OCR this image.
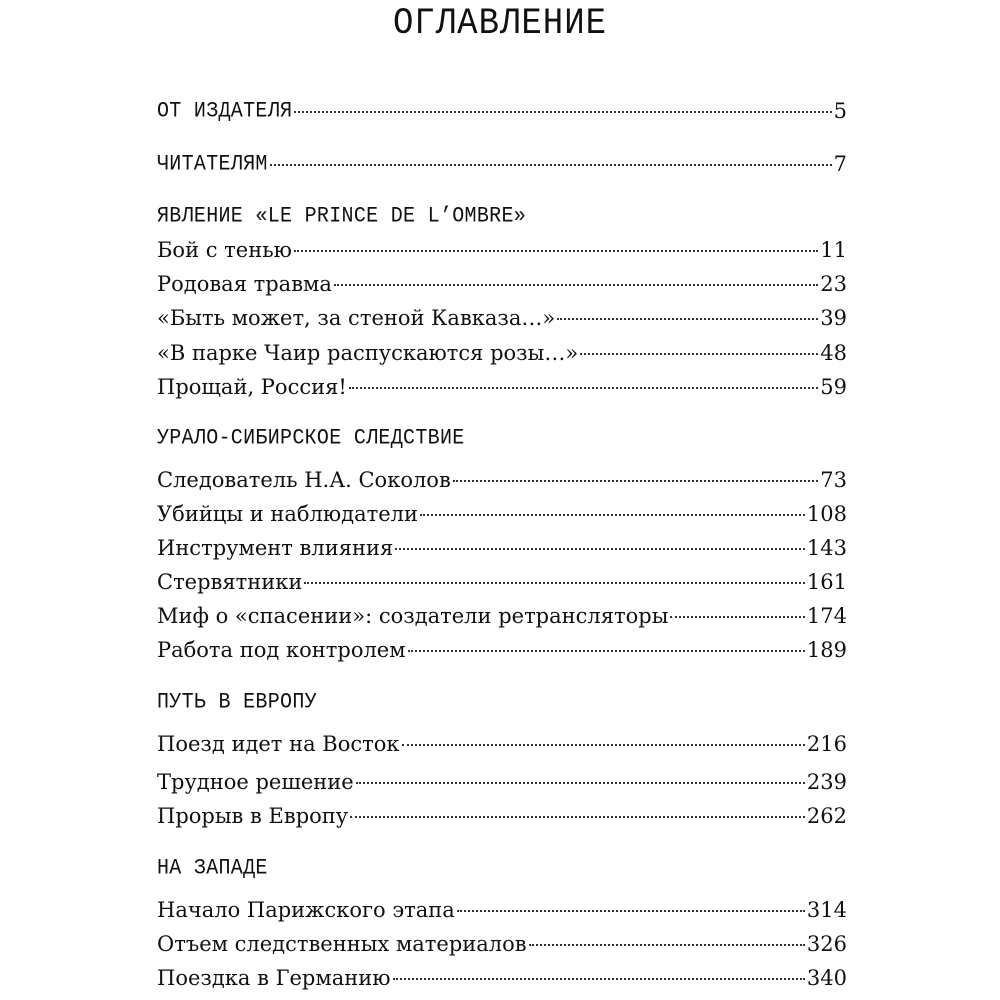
ОГЛАВЛЕНИЕ
ОТ ИЗДАТЕЛЯ	5
ЧИТАТЕЛЯМ	7
ЯВЛЕНИЕ «LE PRINCE DE L’OMBRE»
Бой с тенью	11
Родовая травма	23
«Быть может, за стеной Кавказа…»	39
«В парке Чаир распускаются розы…»	48
Прощай, Россия!	59
УРАЛО-СИБИРСКОЕ СЛЕДСТВИЕ
Следователь Н.А. Соколов	73
Убийцы и наблюдатели	108
Инструмент влияния	143
Стервятники	161
Миф о «спасении»: создатели ретрансляторы	174
Работа под контролем	189
ПУТЬ В ЕВРОПУ
Поезд идет на Восток	216
Трудное решение	239
Прорыв в Европу	262
НА ЗАПАДЕ
Начало Парижского этапа	314
Отъем следственных материалов	326
Поездка в Германию	340
